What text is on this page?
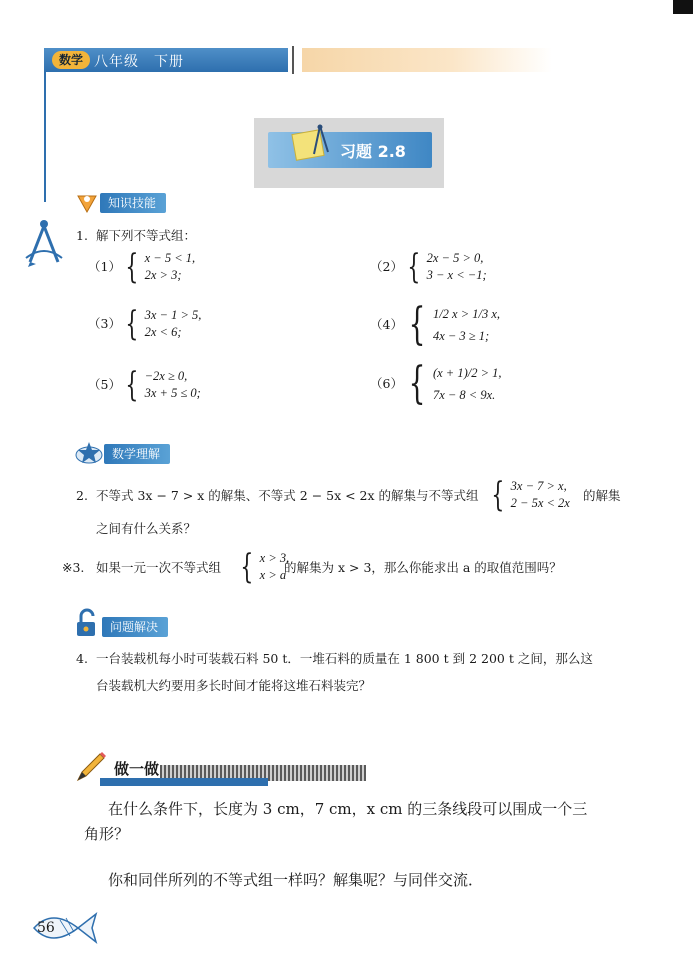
数学 八年级　下册
习题 2.8
知识技能
1. 解下列不等式组：
（1） { x − 5 < 1,
2x > 3;
（2） { 2x − 5 > 0,
3 − x < −1;
（3） { 3x − 1 > 5,
2x < 6;	（4） { 1/2 x > 1/3 x,
4x − 3 ≥ 1;
（5） { −2x ≥ 0,
3x + 5 ≤ 0;
（6） { (x + 1)/2 > 1,
7x − 8 < 9x.
数学理解
2. 不等式 3x − 7 > x 的解集、不等式 2 − 5x < 2x 的解集与不等式组 { 3x − 7 > x,
2 − 5x < 2x 的解集
之间有什么关系？
※3. 如果一元一次不等式组 { x > 3,
x > a
的解集为 x > 3，那么你能求出 a 的取值范围吗？
问题解决
4. 一台装载机每小时可装载石料 50 t．一堆石料的质量在 1 800 t 到 2 200 t 之间，那么这
台装载机大约要用多长时间才能将这堆石料装完？
做一做
在什么条件下，长度为 3 cm，7 cm，x cm 的三条线段可以围成一个三
角形？
你和同伴所列的不等式组一样吗？解集呢？与同伴交流．
56
